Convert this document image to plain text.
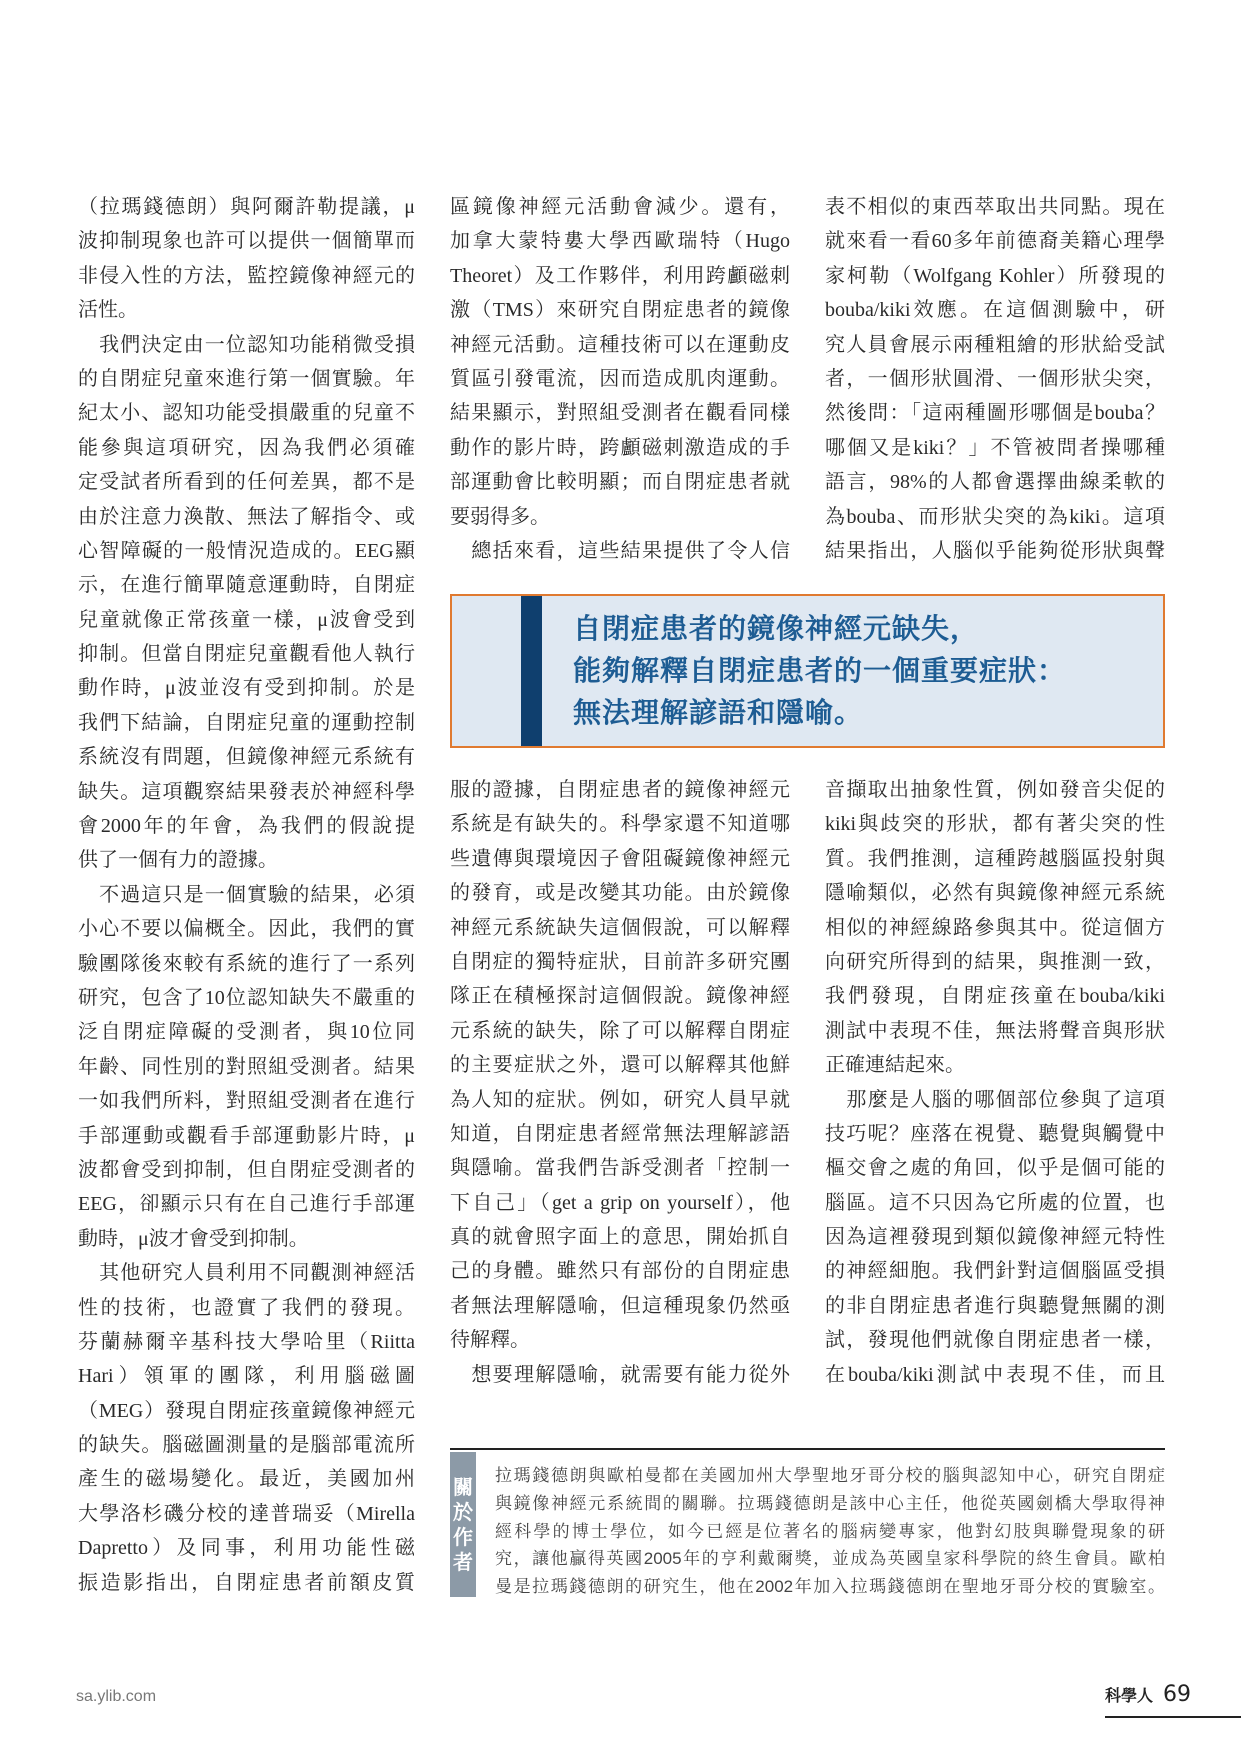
（拉瑪錢德朗）與阿爾許勒提議，μ
波抑制現象也許可以提供一個簡單而
非侵入性的方法，監控鏡像神經元的
活性。
　我們決定由一位認知功能稍微受損
的自閉症兒童來進行第一個實驗。年
紀太小、認知功能受損嚴重的兒童不
能參與這項研究，因為我們必須確
定受試者所看到的任何差異，都不是
由於注意力渙散、無法了解指令、或
心智障礙的一般情況造成的。EEG顯
示，在進行簡單隨意運動時，自閉症
兒童就像正常孩童一樣，μ波會受到
抑制。但當自閉症兒童觀看他人執行
動作時，μ波並沒有受到抑制。於是
我們下結論，自閉症兒童的運動控制
系統沒有問題，但鏡像神經元系統有
缺失。這項觀察結果發表於神經科學
會2000年的年會，為我們的假說提
供了一個有力的證據。
　不過這只是一個實驗的結果，必須
小心不要以偏概全。因此，我們的實
驗團隊後來較有系統的進行了一系列
研究，包含了10位認知缺失不嚴重的
泛自閉症障礙的受測者，與10位同
年齡、同性別的對照組受測者。結果
一如我們所料，對照組受測者在進行
手部運動或觀看手部運動影片時，μ
波都會受到抑制，但自閉症受測者的
EEG，卻顯示只有在自己進行手部運
動時，μ波才會受到抑制。
　其他研究人員利用不同觀測神經活
性的技術，也證實了我們的發現。
芬蘭赫爾辛基科技大學哈里（Riitta
Hari）領軍的團隊，利用腦磁圖
（MEG）發現自閉症孩童鏡像神經元
的缺失。腦磁圖測量的是腦部電流所
產生的磁場變化。最近，美國加州
大學洛杉磯分校的達普瑞妥（Mirella
Dapretto）及同事，利用功能性磁
振造影指出，自閉症患者前額皮質
區鏡像神經元活動會減少。還有，
加拿大蒙特婁大學西歐瑞特（Hugo
Theoret）及工作夥伴，利用跨顱磁刺
激（TMS）來研究自閉症患者的鏡像
神經元活動。這種技術可以在運動皮
質區引發電流，因而造成肌肉運動。
結果顯示，對照組受測者在觀看同樣
動作的影片時，跨顱磁刺激造成的手
部運動會比較明顯；而自閉症患者就
要弱得多。
　總括來看，這些結果提供了令人信
表不相似的東西萃取出共同點。現在
就來看一看60多年前德裔美籍心理學
家柯勒（Wolfgang Kohler）所發現的
bouba/kiki效應。在這個測驗中，研
究人員會展示兩種粗繪的形狀給受試
者，一個形狀圓滑、一個形狀尖突，
然後問：「這兩種圖形哪個是bouba？
哪個又是kiki？」不管被問者操哪種
語言，98%的人都會選擇曲線柔軟的
為bouba、而形狀尖突的為kiki。這項
結果指出，人腦似乎能夠從形狀與聲
自閉症患者的鏡像神經元缺失，
能夠解釋自閉症患者的一個重要症狀：
無法理解諺語和隱喻。
服的證據，自閉症患者的鏡像神經元
系統是有缺失的。科學家還不知道哪
些遺傳與環境因子會阻礙鏡像神經元
的發育，或是改變其功能。由於鏡像
神經元系統缺失這個假說，可以解釋
自閉症的獨特症狀，目前許多研究團
隊正在積極探討這個假說。鏡像神經
元系統的缺失，除了可以解釋自閉症
的主要症狀之外，還可以解釋其他鮮
為人知的症狀。例如，研究人員早就
知道，自閉症患者經常無法理解諺語
與隱喻。當我們告訴受測者「控制一
下自己」（get a grip on yourself），他
真的就會照字面上的意思，開始抓自
己的身體。雖然只有部份的自閉症患
者無法理解隱喻，但這種現象仍然亟
待解釋。
　想要理解隱喻，就需要有能力從外
音擷取出抽象性質，例如發音尖促的
kiki與歧突的形狀，都有著尖突的性
質。我們推測，這種跨越腦區投射與
隱喻類似，必然有與鏡像神經元系統
相似的神經線路參與其中。從這個方
向研究所得到的結果，與推測一致，
我們發現，自閉症孩童在bouba/kiki
測試中表現不佳，無法將聲音與形狀
正確連結起來。
　那麼是人腦的哪個部位參與了這項
技巧呢？座落在視覺、聽覺與觸覺中
樞交會之處的角回，似乎是個可能的
腦區。這不只因為它所處的位置，也
因為這裡發現到類似鏡像神經元特性
的神經細胞。我們針對這個腦區受損
的非自閉症患者進行與聽覺無關的測
試，發現他們就像自閉症患者一樣，
在bouba/kiki測試中表現不佳，而且
關
於
作
者
拉瑪錢德朗與歐柏曼都在美國加州大學聖地牙哥分校的腦與認知中心，研究自閉症
與鏡像神經元系統間的關聯。拉瑪錢德朗是該中心主任，他從英國劍橋大學取得神
經科學的博士學位，如今已經是位著名的腦病變專家，他對幻肢與聯覺現象的研
究，讓他贏得英國2005年的亨利戴爾獎，並成為英國皇家科學院的終生會員。歐柏
曼是拉瑪錢德朗的研究生，他在2002年加入拉瑪錢德朗在聖地牙哥分校的實驗室。
sa.ylib.com	科學人 69
